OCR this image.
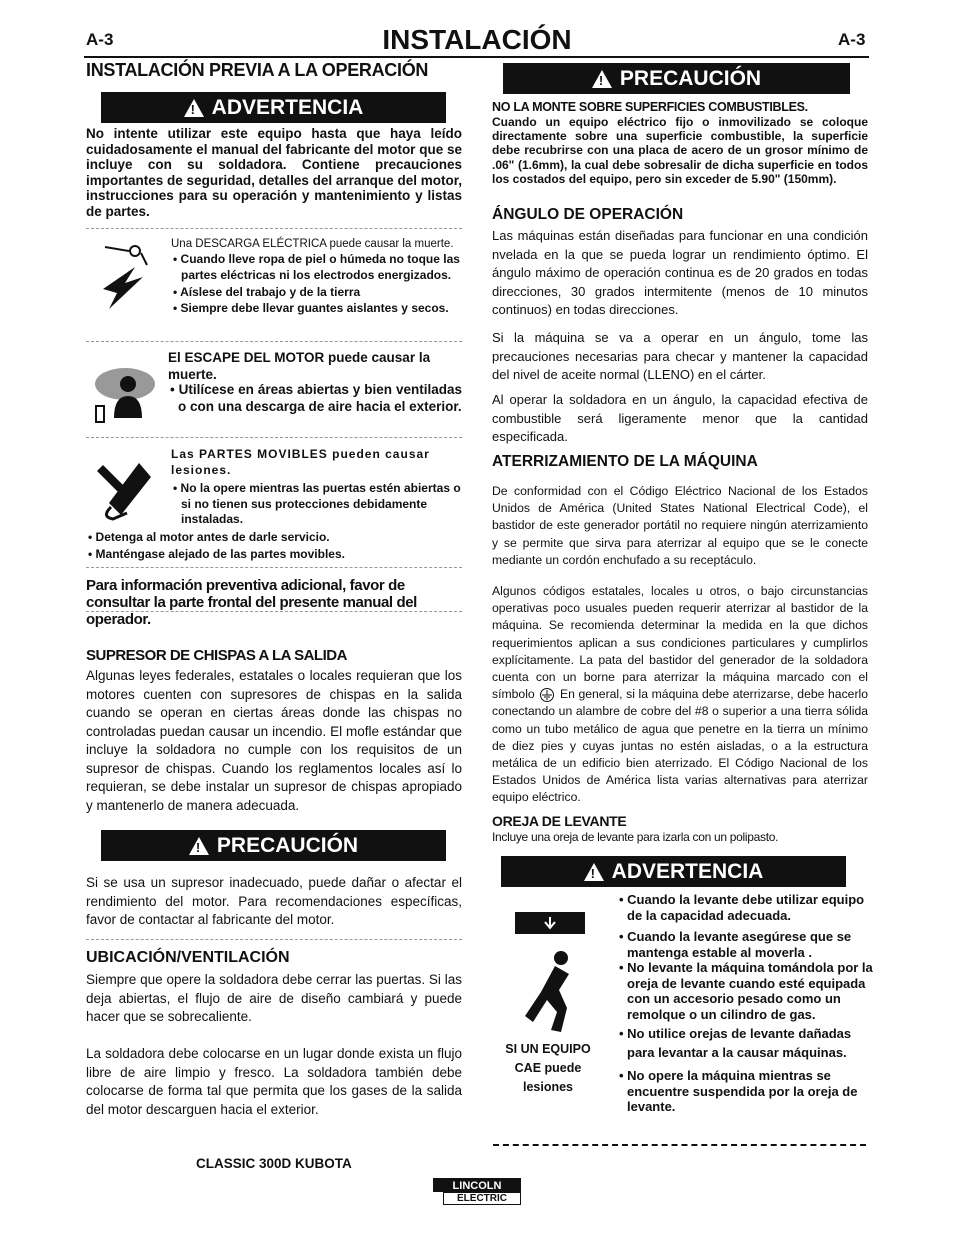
A-3	A-3
INSTALACIÓN
INSTALACIÓN PREVIA A LA OPERACIÓN
!
ADVERTENCIA
No intente utilizar este equipo hasta que haya leído cuidadosamente el manual del fabricante del motor que se incluye con su soldadora. Contiene precauciones importantes de seguridad, detalles del arranque del motor, instrucciones para su operación y mantenimiento y listas de partes.
Una DESCARGA ELÉCTRICA puede causar la muerte.
• Cuando lleve ropa de piel o húmeda no toque las partes eléctricas ni los electrodos energizados.
• Aíslese del trabajo y de la tierra
• Siempre debe llevar guantes aislantes y secos.
El ESCAPE DEL MOTOR puede causar la muerte.
• Utilícese en áreas abiertas y bien ventiladas o con una descarga de aire hacia el exterior.
Las PARTES MOVIBLES pueden causar lesiones.
• No la opere mientras las puertas estén abiertas o si no tienen sus protecciones debidamente instaladas.
• Detenga al motor antes de darle servicio.
• Manténgase alejado de las partes movibles.
Para información preventiva adicional, favor de consultar la parte frontal del presente manual del operador.
SUPRESOR DE CHISPAS A LA SALIDA
Algunas leyes federales, estatales o locales requieran que los motores cuenten con supresores de chispas en la salida cuando se operan en ciertas áreas donde las chispas no controladas puedan causar un incendio. El mofle estándar que incluye la soldadora no cumple con los requisitos de un supresor de chispas. Cuando los reglamentos locales así lo requieran, se debe instalar un supresor de chispas apropiado y mantenerlo de manera adecuada.
!
PRECAUCIÓN
Si se usa un supresor inadecuado, puede dañar o afectar el rendimiento del motor. Para recomendaciones específicas, favor de contactar al fabricante del motor.
UBICACIÓN/VENTILACIÓN
Siempre que opere la soldadora debe cerrar las puertas. Si las deja abiertas, el flujo de aire de diseño cambiará y puede hacer que se sobrecaliente.
La soldadora debe colocarse en un lugar donde exista un flujo libre de aire limpio y fresco. La soldadora también debe colocarse de forma tal que permita que los gases de la salida del motor descarguen hacia el exterior.
CLASSIC 300D KUBOTA
!
PRECAUCIÓN
NO LA MONTE SOBRE SUPERFICIES COMBUSTIBLES.
Cuando un equipo eléctrico fijo o inmovilizado se coloque directamente sobre una superficie combustible, la superficie debe recubrirse con una placa de acero de un grosor mínimo de .06" (1.6mm), la cual debe sobresalir de dicha superficie en todos los costados del equipo, pero sin exceder de 5.90" (150mm).
ÁNGULO DE OPERACIÓN
Las máquinas están diseñadas para funcionar en una condición nvelada en la que se pueda lograr un rendimiento óptimo. El ángulo máximo de operación continua es de 20 grados en todas direcciones, 30 grados intermitente (menos de 10 minutos continuos) en todas direcciones.
Si la máquina se va a operar en un ángulo, tome las precauciones necesarias para checar y mantener la capacidad del nivel de aceite normal (LLENO) en el cárter.
Al operar la soldadora en un ángulo, la capacidad efectiva de combustible será ligeramente menor que la cantidad especificada.
ATERRIZAMIENTO DE LA MÁQUINA
De conformidad con el Código Eléctrico Nacional de los Estados Unidos de América (United States National Electrical Code), el bastidor de este generador portátil no requiere ningún aterrizamiento y se permite que sirva para aterrizar al equipo que se le conecte mediante un cordón enchufado a su receptáculo.
Algunos códigos estatales, locales u otros, o bajo circunstancias operativas poco usuales pueden requerir aterrizar al bastidor de la máquina. Se recomienda determinar la medida en la que dichos requerimientos aplican a sus condiciones particulares y cumplirlos explícitamente. La pata del bastidor del generador de la soldadora cuenta con un borne para aterrizar la máquina marcado con el símbolo En general, si la máquina debe aterrizarse, debe hacerlo conectando un alambre de cobre del #8 o superior a una tierra sólida como un tubo metálico de agua que penetre en la tierra un mínimo de diez pies y cuyas juntas no estén aisladas, o a la estructura metálica de un edificio bien aterrizado. El Código Nacional de los Estados Unidos de América lista varias alternativas para aterrizar equipo eléctrico.
OREJA DE LEVANTE
Incluye una oreja de levante para izarla con un polipasto.
!
ADVERTENCIA
SI UN EQUIPO CAE puede lesiones
• Cuando la levante debe utilizar equipo de la capacidad adecuada.
• Cuando la levante asegúrese que se mantenga estable al moverla .
• No levante la máquina tomándola por la oreja de levante cuando esté equipada con un accesorio pesado como un remolque o un cilindro de gas.
• No utilice orejas de levante dañadas para levantar a la causar máquinas.
• No opere la máquina mientras se encuentre suspendida por la oreja de levante.
LINCOLN
ELECTRIC
